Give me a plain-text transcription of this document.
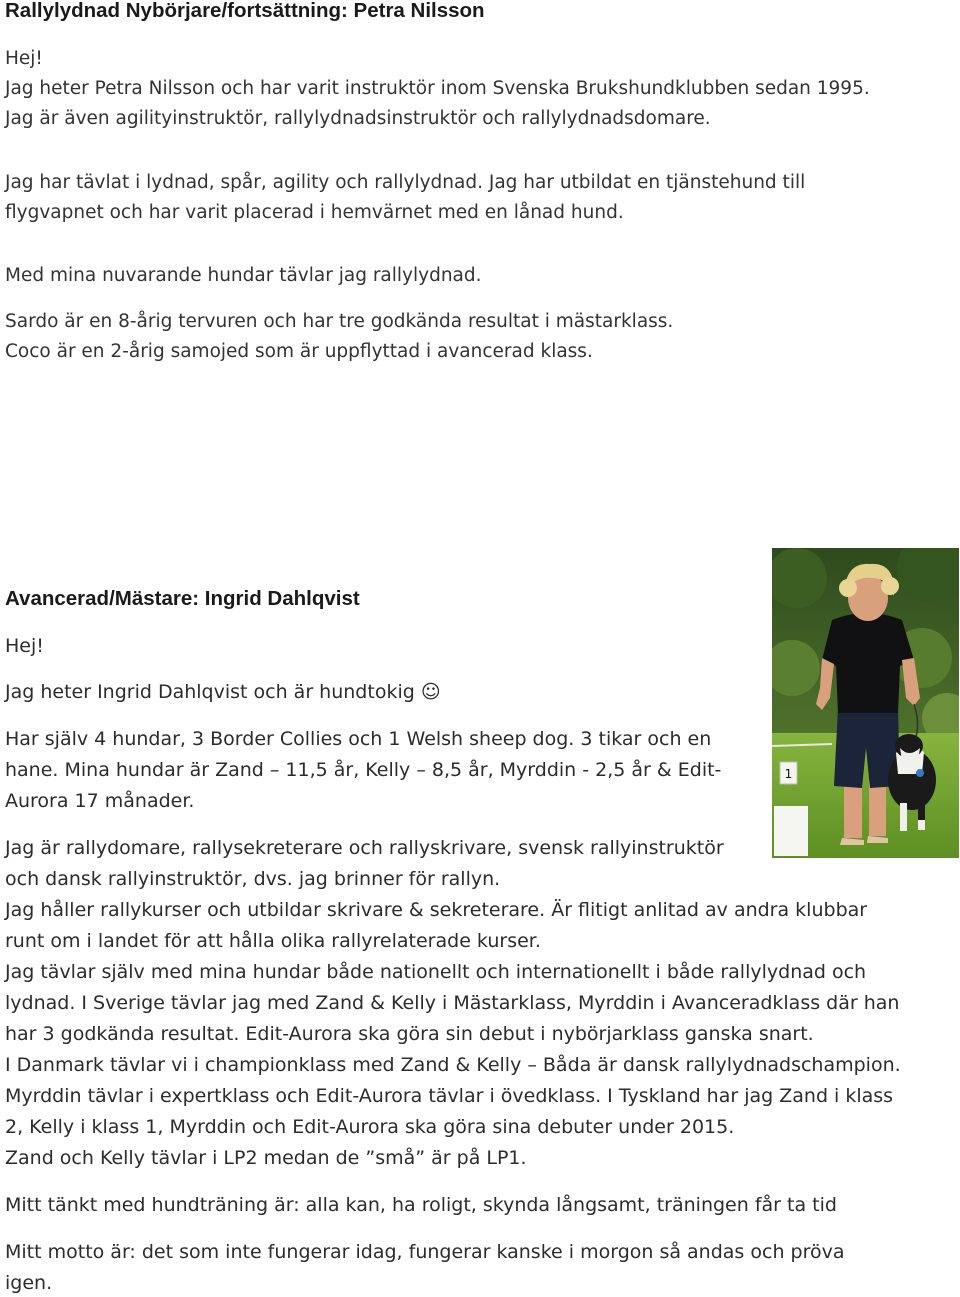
Rallylydnad Nybörjare/fortsättning: Petra Nilsson
Hej!
Jag heter Petra Nilsson och har varit instruktör inom Svenska Brukshundklubben sedan 1995.
Jag är även agilityinstruktör, rallylydnadsinstruktör och rallylydnadsdomare.
Jag har tävlat i lydnad, spår, agility och rallylydnad. Jag har utbildat en tjänstehund till
flygvapnet och har varit placerad i hemvärnet med en lånad hund.
Med mina nuvarande hundar tävlar jag rallylydnad.
Sardo är en 8-årig tervuren och har tre godkända resultat i mästarklass.
Coco är en 2-årig samojed som är uppflyttad i avancerad klass.
Avancerad/Mästare: Ingrid Dahlqvist
Hej!
Jag heter Ingrid Dahlqvist och är hundtokig ☺
Har själv 4 hundar, 3 Border Collies och 1 Welsh sheep dog. 3 tikar och en
hane. Mina hundar är Zand – 11,5 år, Kelly – 8,5 år, Myrddin - 2,5 år & Edit-
Aurora 17 månader.
Jag är rallydomare, rallysekreterare och rallyskrivare, svensk rallyinstruktör
och dansk rallyinstruktör, dvs. jag brinner för rallyn.
Jag håller rallykurser och utbildar skrivare & sekreterare. Är flitigt anlitad av andra klubbar
runt om i landet för att hålla olika rallyrelaterade kurser.
Jag tävlar själv med mina hundar både nationellt och internationellt i både rallylydnad och
lydnad. I Sverige tävlar jag med Zand & Kelly i Mästarklass, Myrddin i Avanceradklass där han
har 3 godkända resultat. Edit-Aurora ska göra sin debut i nybörjarklass ganska snart.
I Danmark tävlar vi i championklass med Zand & Kelly – Båda är dansk rallylydnadschampion.
Myrddin tävlar i expertklass och Edit-Aurora tävlar i övedklass. I Tyskland har jag Zand i klass
2, Kelly i klass 1, Myrddin och Edit-Aurora ska göra sina debuter under 2015.
Zand och Kelly tävlar i LP2 medan de ”små” är på LP1.
Mitt tänkt med hundträning är: alla kan, ha roligt, skynda långsamt, träningen får ta tid
Mitt motto är: det som inte fungerar idag, fungerar kanske i morgon så andas och pröva
igen.
1
